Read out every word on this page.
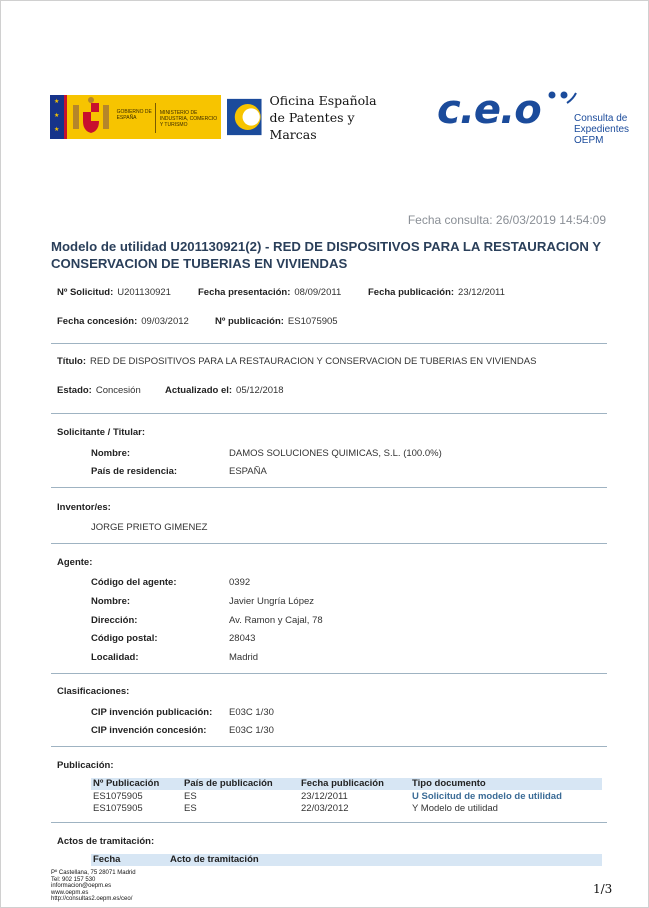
★
★
★
GOBIERNO DE ESPAÑA
MINISTERIO DE INDUSTRIA, COMERCIO Y TURISMO
Oficina Española
de Patentes y Marcas
c.e.o	Consulta de
Expedientes
OEPM
Fecha consulta: 26/03/2019 14:54:09
Modelo de utilidad U201130921(2) - RED DE DISPOSITIVOS PARA LA RESTAURACION Y CONSERVACION DE TUBERIAS EN VIVIENDAS
Nº Solicitud: U201130921	Fecha presentación: 08/09/2011	Fecha publicación: 23/12/2011
Fecha concesión: 09/03/2012	Nº publicación: ES1075905
Título: RED DE DISPOSITIVOS PARA LA RESTAURACION Y CONSERVACION DE TUBERIAS EN VIVIENDAS
Estado: Concesión	Actualizado el: 05/12/2018
Solicitante / Titular:
Nombre:	DAMOS SOLUCIONES QUIMICAS, S.L. (100.0%)
País de residencia:	ESPAÑA
Inventor/es:
JORGE PRIETO GIMENEZ
Agente:
Código del agente:	0392
Nombre:	Javier Ungría López
Dirección:	Av. Ramon y Cajal, 78
Código postal:	28043
Localidad:	Madrid
Clasificaciones:
CIP invención publicación: E03C 1/30
CIP invención concesión: E03C 1/30
Publicación:
Nº Publicación	País de publicación	Fecha publicación	Tipo documento
ES1075905	ES	23/12/2011	U Solicitud de modelo de utilidad
ES1075905	ES	22/03/2012	Y Modelo de utilidad
Actos de tramitación:
Fecha	Acto de tramitación
Pº Castellana, 75 28071 Madrid
Tel: 902 157 530
informacion@oepm.es
www.oepm.es
http://consultas2.oepm.es/ceo/
1/3
